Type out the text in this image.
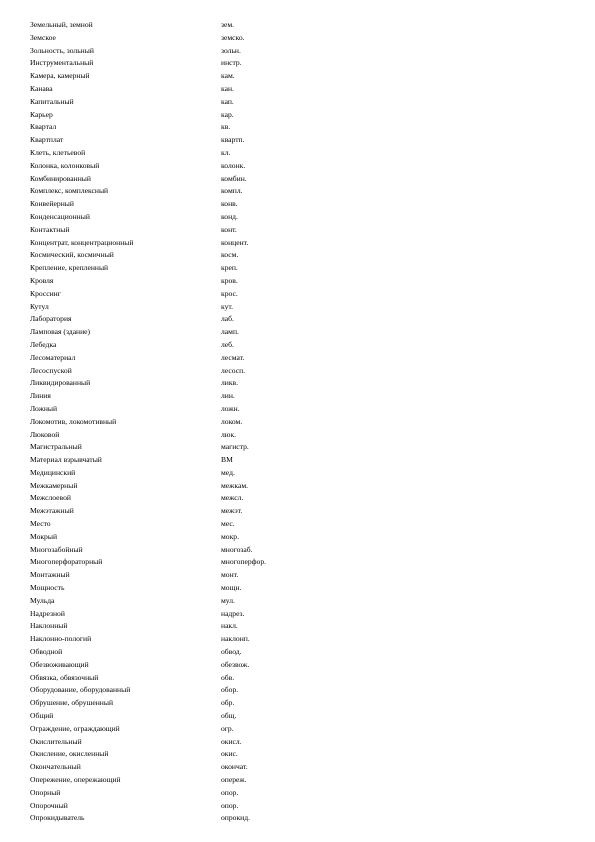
Земельный, земной	зем.
Земское	земско.
Зольность, зольный	зольн.
Инструментальный	инстр.
Камера, камерный	кам.
Канава	кан.
Капитальный	кап.
Карьер	кар.
Квартал	кв.
Квартплат	квартп.
Клеть, клетьевой	кл.
Колонка, колонковый	колонк.
Комбинированный	комбин.
Комплекс, комплексный	компл.
Конвейерный	конв.
Конденсационный	конд.
Контактный	конт.
Концентрат, концентрационный	концент.
Космический, космичный	косм.
Крепление, крепленный	креп.
Кровля	кров.
Кроссинг	крос.
Кутул	кут.
Лаборатория	лаб.
Ламповая (здание)	ламп.
Лебедка	леб.
Лесоматериал	лесмат.
Лесоспуской	лесосп.
Ликвидированный	ликв.
Линия	лин.
Ложный	ложн.
Локомотив, локомотивный	локом.
Люковой	люк.
Магистральный	магистр.
Материал взрывчатый	ВМ
Медицинский	мед.
Межкамерный	межкам.
Межслоевой	межсл.
Межэтажный	межэт.
Место	мес.
Мокрый	мокр.
Многозабойный	многозаб.
Многоперфораторный	многоперфор.
Монтажный	монт.
Мощность	мощн.
Мульда	мул.
Надрезной	надрез.
Наклонный	накл.
Наклонно-пологий	наклонп.
Обводной	обвод.
Обезвоживающий	обезвож.
Обвязка, обвязочный	обв.
Оборудование, оборудованный	обор.
Обрушение, обрушенный	обр.
Общий	общ.
Ограждение, ограждающий	огр.
Окислительный	окисл.
Окисление, окисленный	окис.
Окончательный	окончат.
Опережение, опережающий	опереж.
Опорный	опор.
Опорочный	опор.
Опрокидыватель	опрокид.
